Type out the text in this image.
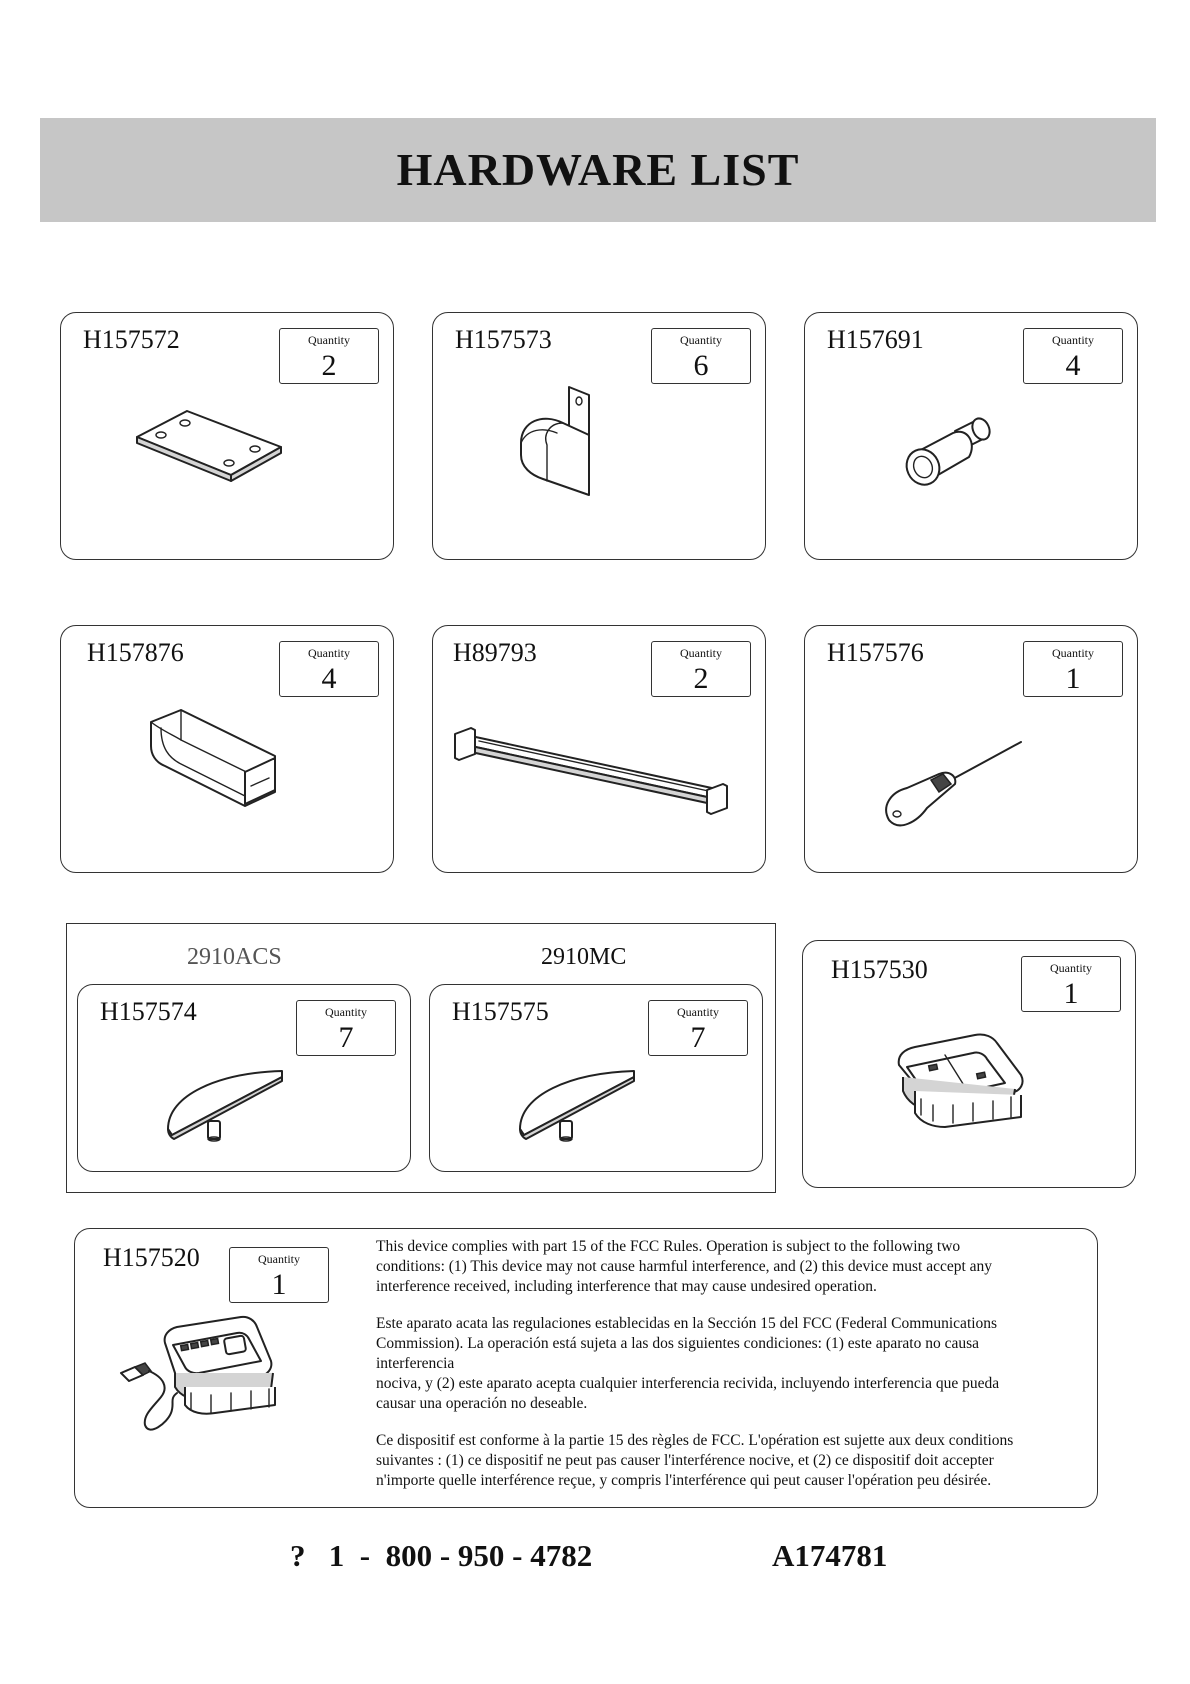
HARDWARE LIST
H157572	Quantity
2
H157573	Quantity
6
H157691	Quantity
4
H157876	Quantity
4
H89793	Quantity
2
H157576	Quantity
1
2910ACS	2910MC
H157574	Quantity
7
H157575	Quantity
7
H157530	Quantity
1
H157520	Quantity
1

This device complies with part 15 of the FCC Rules. Operation is subject to the following two
conditions: (1) This device may not cause harmful interference, and (2) this device must accept any
interference received, including interference that may cause undesired operation.

Este aparato acata las regulaciones establecidas en la Sección 15 del FCC (Federal Communications
Commission). La operación está sujeta a las dos siguientes condiciones: (1) este aparato no causa
interferencia
nociva, y (2) este aparato acepta cualquier interferencia recivida, incluyendo interferencia que pueda
causar una operación no deseable.

Ce dispositif est conforme à la partie 15 des règles de FCC. L'opération est sujette aux deux conditions
suivantes : (1) ce dispositif ne peut pas causer l'interférence nocive, et (2) ce dispositif doit accepter
n'importe quelle interférence reçue, y compris l'interférence qui peut causer l'opération peu désirée.

?   1  -  800 - 950 - 4782	A174781
